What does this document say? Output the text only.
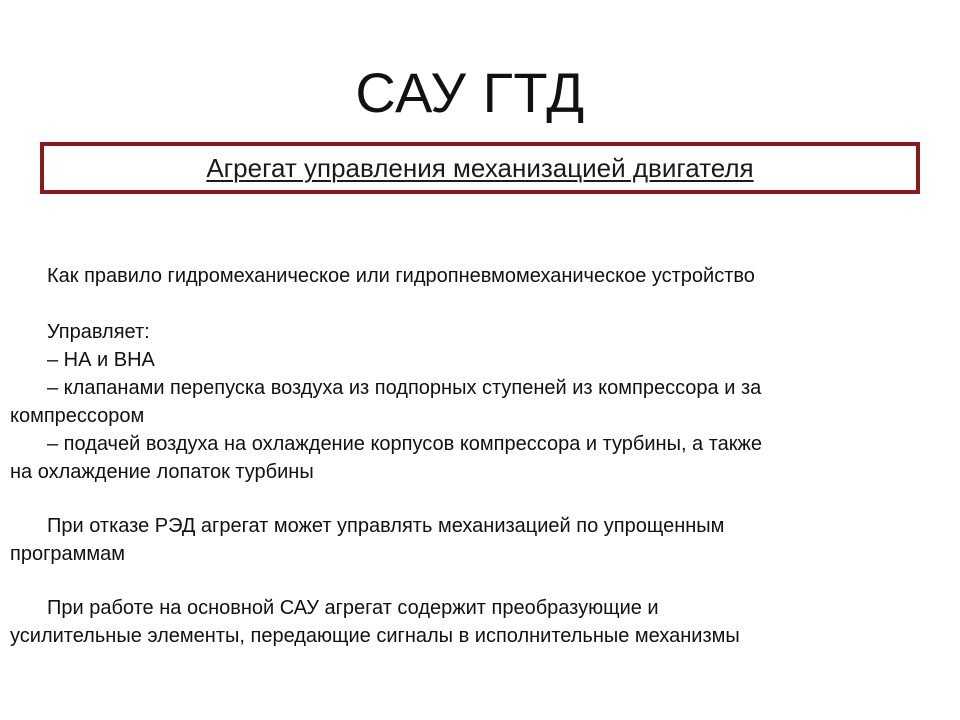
САУ ГТД
Агрегат управления механизацией двигателя
Как правило гидромеханическое или гидропневмомеханическое устройство
Управляет:
– НА и ВНА
– клапанами перепуска воздуха из подпорных ступеней из компрессора и за
компрессором
– подачей воздуха на охлаждение корпусов компрессора и турбины, а также
на охлаждение лопаток турбины
При отказе РЭД агрегат может управлять механизацией по упрощенным
программам
При работе на основной САУ агрегат содержит преобразующие и
усилительные элементы, передающие сигналы в исполнительные механизмы
